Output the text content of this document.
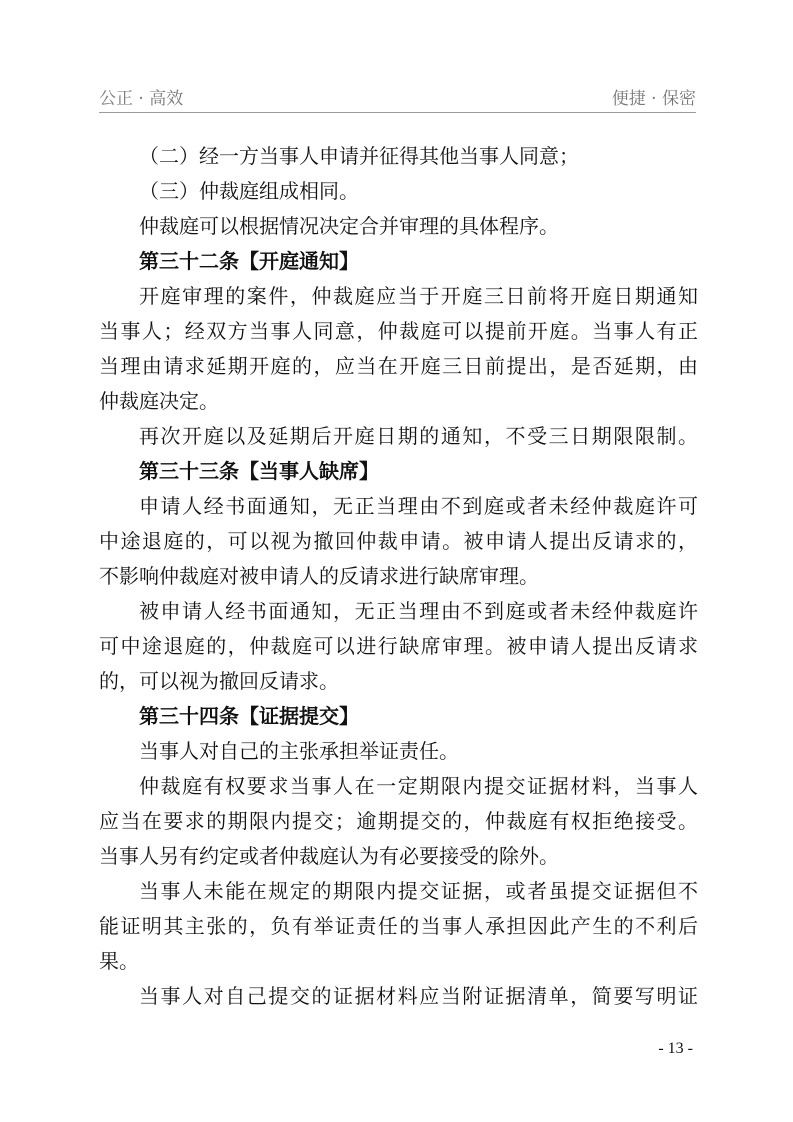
公正 · 高效	便捷 · 保密
（二）经一方当事人申请并征得其他当事人同意；
（三）仲裁庭组成相同。
仲裁庭可以根据情况决定合并审理的具体程序。
第三十二条【开庭通知】
开庭审理的案件，仲裁庭应当于开庭三日前将开庭日期通知
当事人；经双方当事人同意，仲裁庭可以提前开庭。当事人有正
当理由请求延期开庭的，应当在开庭三日前提出，是否延期，由
仲裁庭决定。
再次开庭以及延期后开庭日期的通知，不受三日期限限制。
第三十三条【当事人缺席】
申请人经书面通知，无正当理由不到庭或者未经仲裁庭许可
中途退庭的，可以视为撤回仲裁申请。被申请人提出反请求的，
不影响仲裁庭对被申请人的反请求进行缺席审理。
被申请人经书面通知，无正当理由不到庭或者未经仲裁庭许
可中途退庭的，仲裁庭可以进行缺席审理。被申请人提出反请求
的，可以视为撤回反请求。
第三十四条【证据提交】
当事人对自己的主张承担举证责任。
仲裁庭有权要求当事人在一定期限内提交证据材料，当事人
应当在要求的期限内提交；逾期提交的，仲裁庭有权拒绝接受。
当事人另有约定或者仲裁庭认为有必要接受的除外。
当事人未能在规定的期限内提交证据，或者虽提交证据但不
能证明其主张的，负有举证责任的当事人承担因此产生的不利后
果。
当事人对自己提交的证据材料应当附证据清单，简要写明证
- 13 -
